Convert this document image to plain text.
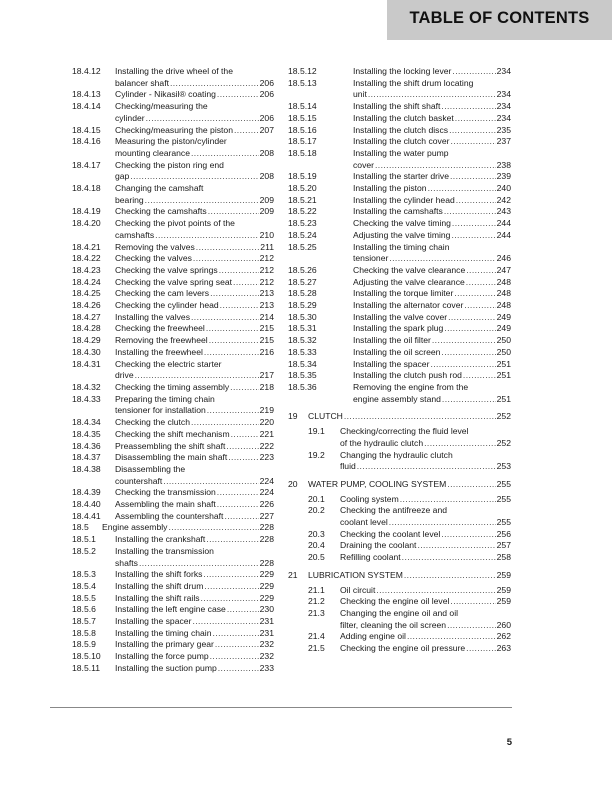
TABLE OF CONTENTS
18.4.12 Installing the drive wheel of the
balancer shaft .....	206
18.4.13 Cylinder - Nikasil® coating .....	206
18.4.14 Checking/measuring the
cylinder .....	206
18.4.15 Checking/measuring the piston .....	207
18.4.16 Measuring the piston/cylinder
mounting clearance .....	208
18.4.17 Checking the piston ring end
gap .....	208
18.4.18 Changing the camshaft
bearing .....	209
18.4.19 Checking the camshafts .....	209
18.4.20 Checking the pivot points of the
camshafts .....	210
18.4.21 Removing the valves .....	211
18.4.22 Checking the valves .....	212
18.4.23 Checking the valve springs .....	212
18.4.24 Checking the valve spring seat .....	212
18.4.25 Checking the cam levers .....	213
18.4.26 Checking the cylinder head .....	213
18.4.27 Installing the valves .....	214
18.4.28 Checking the freewheel .....	215
18.4.29 Removing the freewheel .....	215
18.4.30 Installing the freewheel .....	216
18.4.31 Checking the electric starter
drive .....	217
18.4.32 Checking the timing assembly .....	218
18.4.33 Preparing the timing chain
tensioner for installation .....	219
18.4.34 Checking the clutch .....	220
18.4.35 Checking the shift mechanism .....	221
18.4.36 Preassembling the shift shaft .....	222
18.4.37 Disassembling the main shaft .....	223
18.4.38 Disassembling the
countershaft .....	224
18.4.39 Checking the transmission .....	224
18.4.40 Assembling the main shaft .....	226
18.4.41 Assembling the countershaft .....	227
18.5 Engine assembly .....	228
18.5.1 Installing the crankshaft .....	228
18.5.2 Installing the transmission
shafts .....	228
18.5.3 Installing the shift forks .....	229
18.5.4 Installing the shift drum .....	229
18.5.5 Installing the shift rails .....	229
18.5.6 Installing the left engine case .....	230
18.5.7 Installing the spacer .....	231
18.5.8 Installing the timing chain .....	231
18.5.9 Installing the primary gear .....	232
18.5.10 Installing the force pump .....	232
18.5.11 Installing the suction pump .....	233
18.5.12	Installing the locking lever .....	234
18.5.13	Installing the shift drum locating
unit .....	234
18.5.14	Installing the shift shaft .....	234
18.5.15	Installing the clutch basket .....	234
18.5.16	Installing the clutch discs .....	235
18.5.17	Installing the clutch cover .....	237
18.5.18	Installing the water pump
cover .....	238
18.5.19	Installing the starter drive .....	239
18.5.20	Installing the piston .....	240
18.5.21	Installing the cylinder head .....	242
18.5.22	Installing the camshafts .....	243
18.5.23	Checking the valve timing .....	244
18.5.24	Adjusting the valve timing .....	244
18.5.25	Installing the timing chain
tensioner .....	246
18.5.26	Checking the valve clearance .....	247
18.5.27	Adjusting the valve clearance .....	248
18.5.28	Installing the torque limiter .....	248
18.5.29	Installing the alternator cover .....	248
18.5.30	Installing the valve cover .....	249
18.5.31	Installing the spark plug .....	249
18.5.32	Installing the oil filter .....	250
18.5.33	Installing the oil screen .....	250
18.5.34	Installing the spacer .....	251
18.5.35	Installing the clutch push rod .....	251
18.5.36	Removing the engine from the
engine assembly stand .....	251
19 CLUTCH .....	252
19.1 Checking/correcting the fluid level
of the hydraulic clutch .....	252
19.2 Changing the hydraulic clutch
fluid .....	253
20 WATER PUMP, COOLING SYSTEM .....	255
20.1 Cooling system .....	255
20.2 Checking the antifreeze and
coolant level .....	255
20.3 Checking the coolant level .....	256
20.4 Draining the coolant .....	257
20.5 Refilling coolant .....	258
21 LUBRICATION SYSTEM .....	259
21.1 Oil circuit .....	259
21.2 Checking the engine oil level .....	259
21.3 Changing the engine oil and oil
filter, cleaning the oil screen .....	260
21.4 Adding engine oil .....	262
21.5 Checking the engine oil pressure .....	263
5
